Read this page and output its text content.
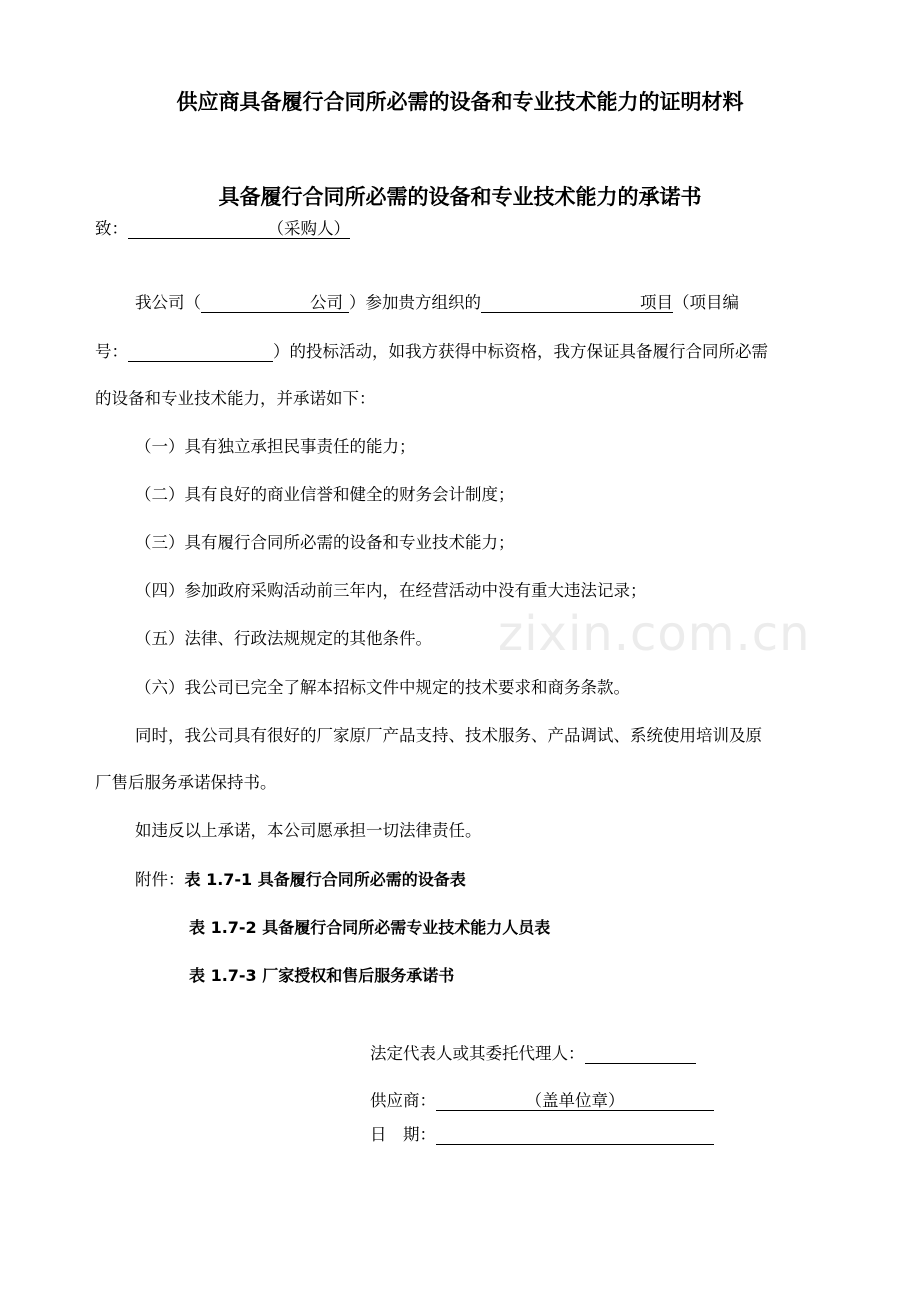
供应商具备履行合同所必需的设备和专业技术能力的证明材料
具备履行合同所必需的设备和专业技术能力的承诺书
致：	（采购人）
我公司（	公司 ）参加贵方组织的	项目（项目编
号：	）的投标活动，如我方获得中标资格，我方保证具备履行合同所必需
的设备和专业技术能力，并承诺如下：
（一）具有独立承担民事责任的能力；
（二）具有良好的商业信誉和健全的财务会计制度；
（三）具有履行合同所必需的设备和专业技术能力；
（四）参加政府采购活动前三年内，在经营活动中没有重大违法记录；
zixin.com.cn
（五）法律、行政法规规定的其他条件。
（六）我公司已完全了解本招标文件中规定的技术要求和商务条款。
同时，我公司具有很好的厂家原厂产品支持、技术服务、产品调试、系统使用培训及原
厂售后服务承诺保持书。
如违反以上承诺，本公司愿承担一切法律责任。
附件：表 1.7-1 具备履行合同所必需的设备表
表 1.7-2 具备履行合同所必需专业技术能力人员表
表 1.7-3 厂家授权和售后服务承诺书
法定代表人或其委托代理人：
供应商：	（盖单位章）
日　期：
